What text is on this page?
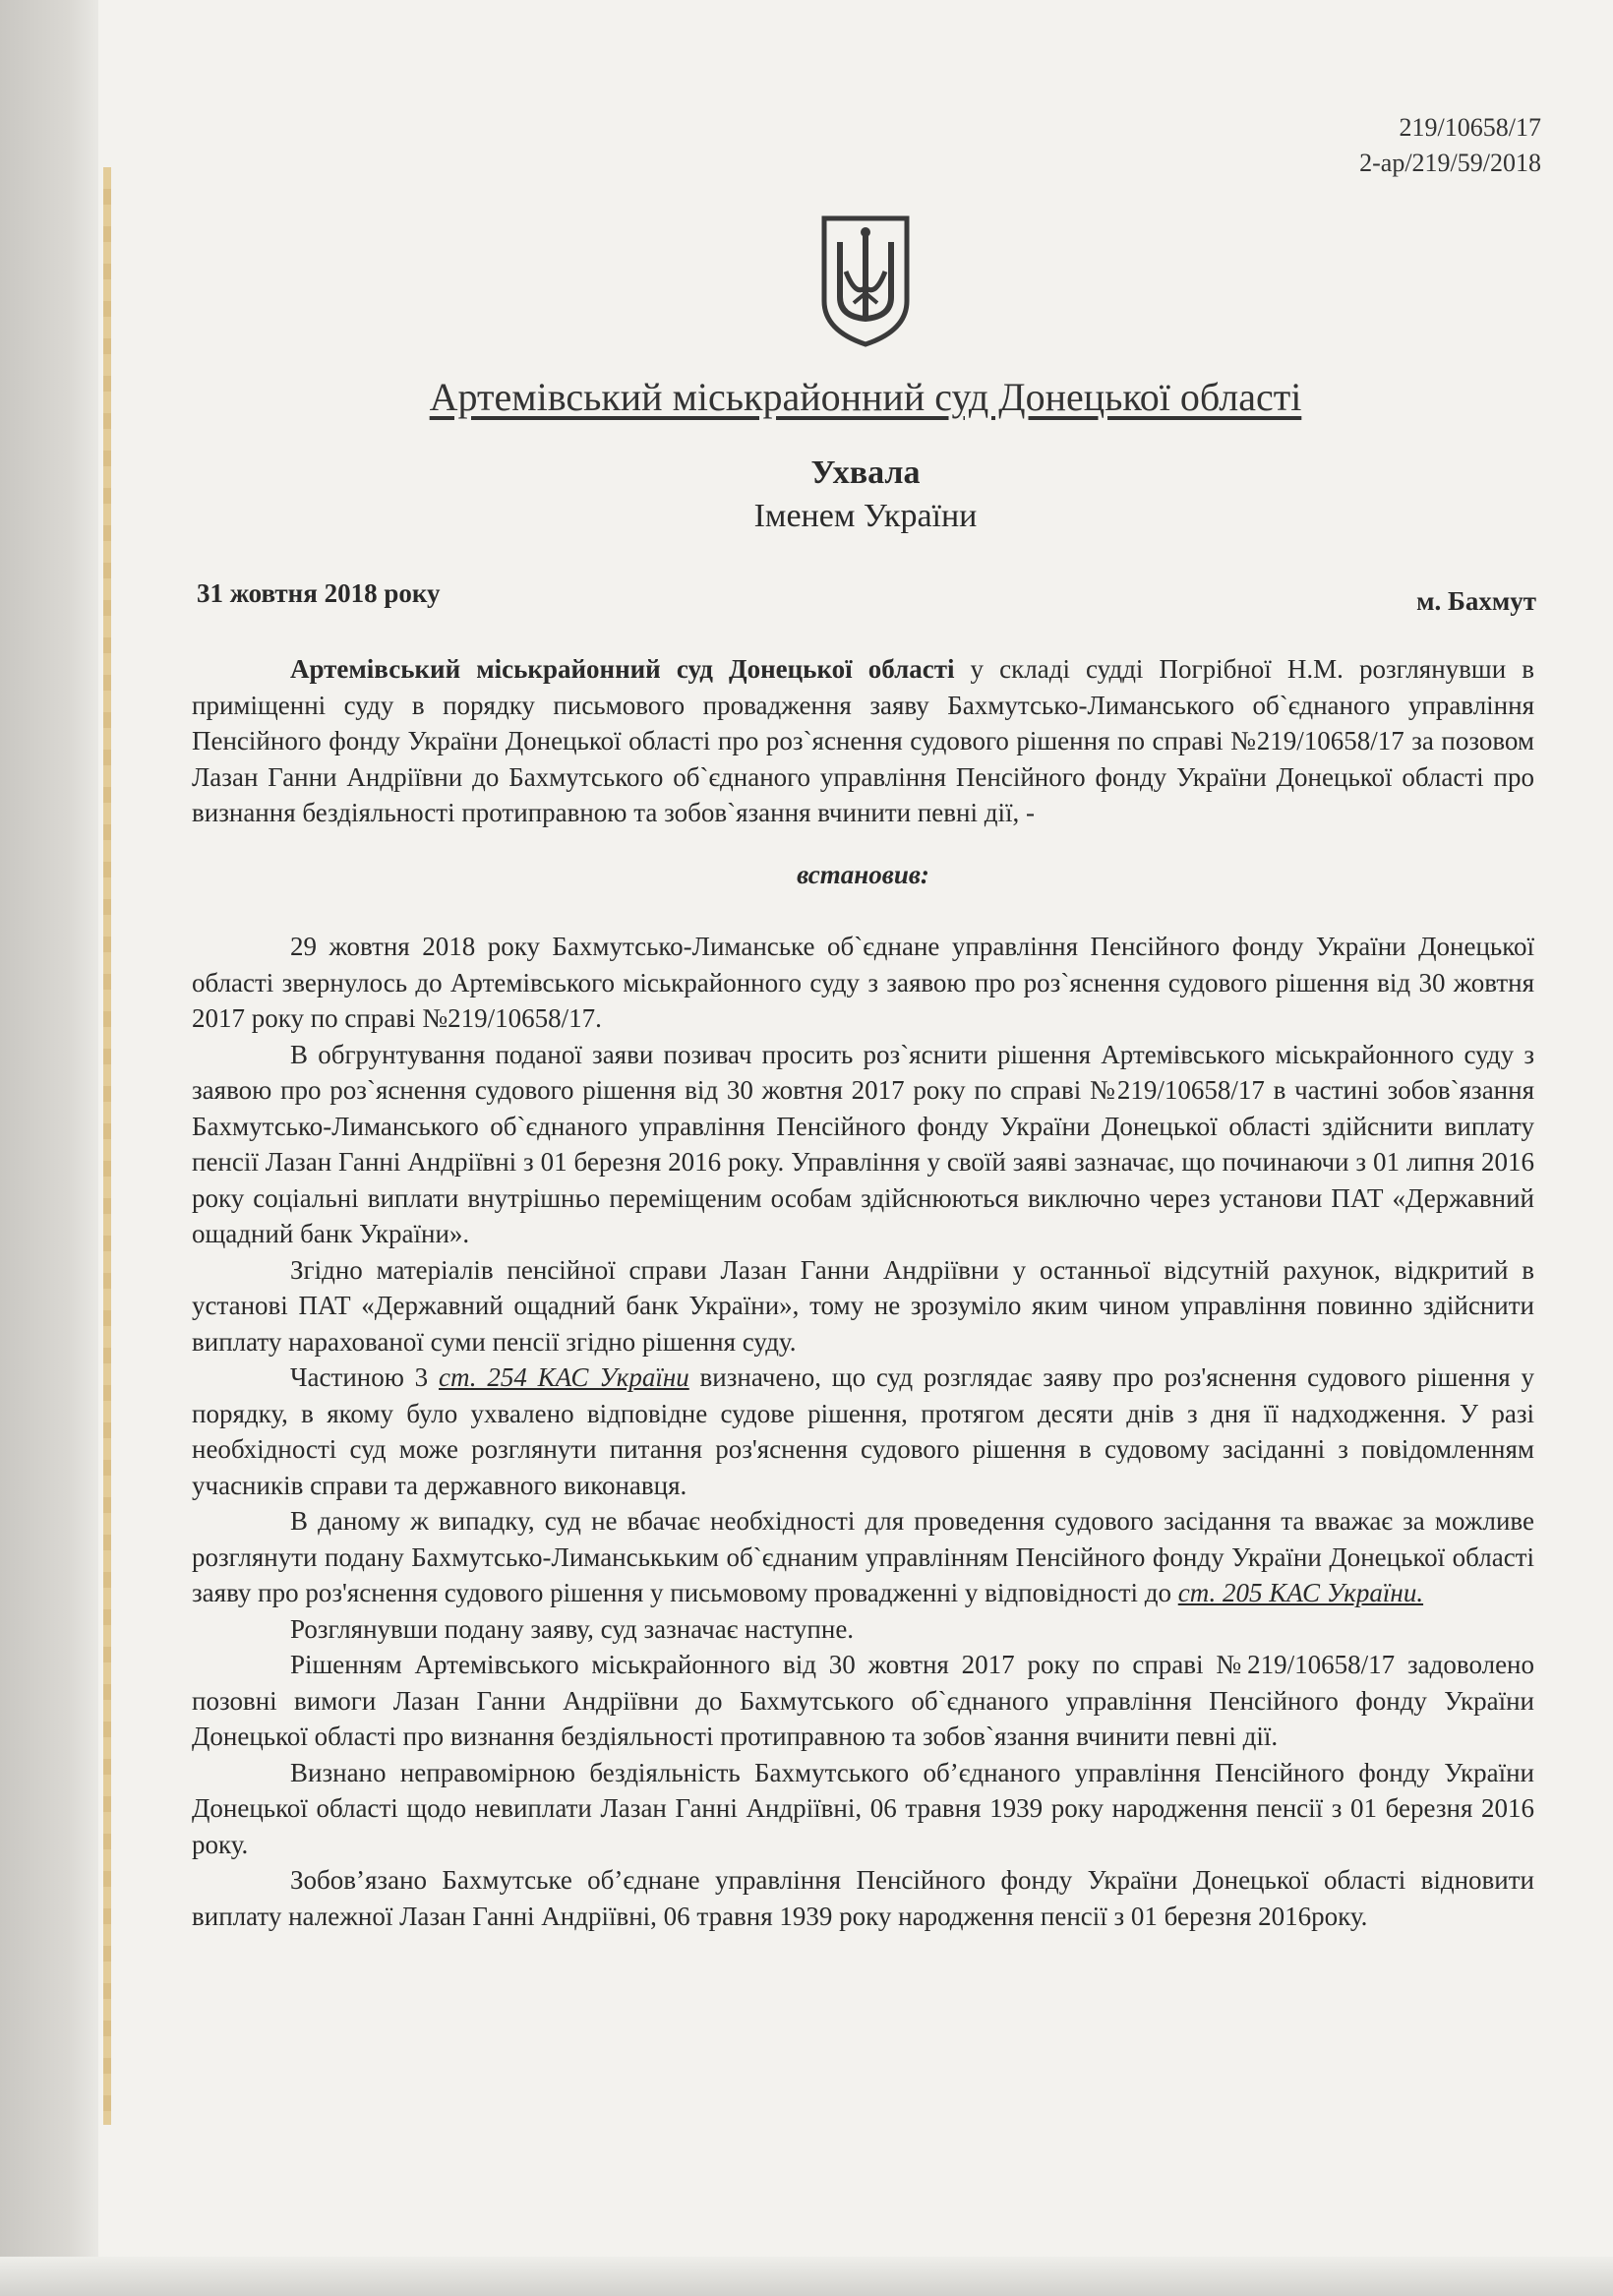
219/10658/17
2-ap/219/59/2018
Артемівський міськрайонний суд Донецької області
Ухвала
Іменем України
31 жовтня 2018 року	м. Бахмут

Артемівський міськрайонний суд Донецької області у складі судді Погрібної Н.М. розглянувши в приміщенні суду в порядку письмового провадження заяву Бахмутсько-Лиманського об`єднаного управління Пенсійного фонду України Донецької області про роз`яснення судового рішення по справі №219/10658/17 за позовом Лазан Ганни Андріївни до Бахмутського об`єднаного управління Пенсійного фонду України Донецької області про визнання бездіяльності протиправною та зобов`язання вчинити певні дії, -

встановив:

29 жовтня 2018 року Бахмутсько-Лиманське об`єднане управління Пенсійного фонду України Донецької області звернулось до Артемівського міськрайонного суду з заявою про роз`яснення судового рішення від 30 жовтня 2017 року по справі №219/10658/17.

В обгрунтування поданої заяви позивач просить роз`яснити рішення Артемівського міськрайонного суду з заявою про роз`яснення судового рішення від 30 жовтня 2017 року по справі №219/10658/17 в частині зобов`язання Бахмутсько-Лиманського об`єднаного управління Пенсійного фонду України Донецької області здійснити виплату пенсії Лазан Ганні Андріївні з 01 березня 2016 року. Управління у своїй заяві зазначає, що починаючи з 01 липня 2016 року соціальні виплати внутрішньо переміщеним особам здійснюються виключно через установи ПАТ «Державний ощадний банк України».

Згідно матеріалів пенсійної справи Лазан Ганни Андріївни у останньої відсутній рахунок, відкритий в установі ПАТ «Державний ощадний банк України», тому не зрозуміло яким чином управління повинно здійснити виплату нарахованої суми пенсії згідно рішення суду.

Частиною 3 ст. 254 КАС України визначено, що суд розглядає заяву про роз'яснення судового рішення у порядку, в якому було ухвалено відповідне судове рішення, протягом десяти днів з дня її надходження. У разі необхідності суд може розглянути питання роз'яснення судового рішення в судовому засіданні з повідомленням учасників справи та державного виконавця.

В даному ж випадку, суд не вбачає необхідності для проведення судового засідання та вважає за можливе розглянути подану Бахмутсько-Лиманськьким об`єднаним управлінням Пенсійного фонду України Донецької області заяву про роз'яснення судового рішення у письмовому провадженні у відповідності до ст. 205 КАС України.

Розглянувши подану заяву, суд зазначає наступне.

Рішенням Артемівського міськрайонного від 30 жовтня 2017 року по справі №219/10658/17 задоволено позовні вимоги Лазан Ганни Андріївни до Бахмутського об`єднаного управління Пенсійного фонду України Донецької області про визнання бездіяльності протиправною та зобов`язання вчинити певні дії.

Визнано неправомірною бездіяльність Бахмутського об’єднаного управління Пенсійного фонду України Донецької області щодо невиплати Лазан Ганні Андріївні, 06 травня 1939 року народження пенсії з 01 березня 2016 року.

Зобов’язано Бахмутське об’єднане управління Пенсійного фонду України Донецької області відновити виплату належної Лазан Ганні Андріївні, 06 травня 1939 року народження пенсії з 01 березня 2016року.
